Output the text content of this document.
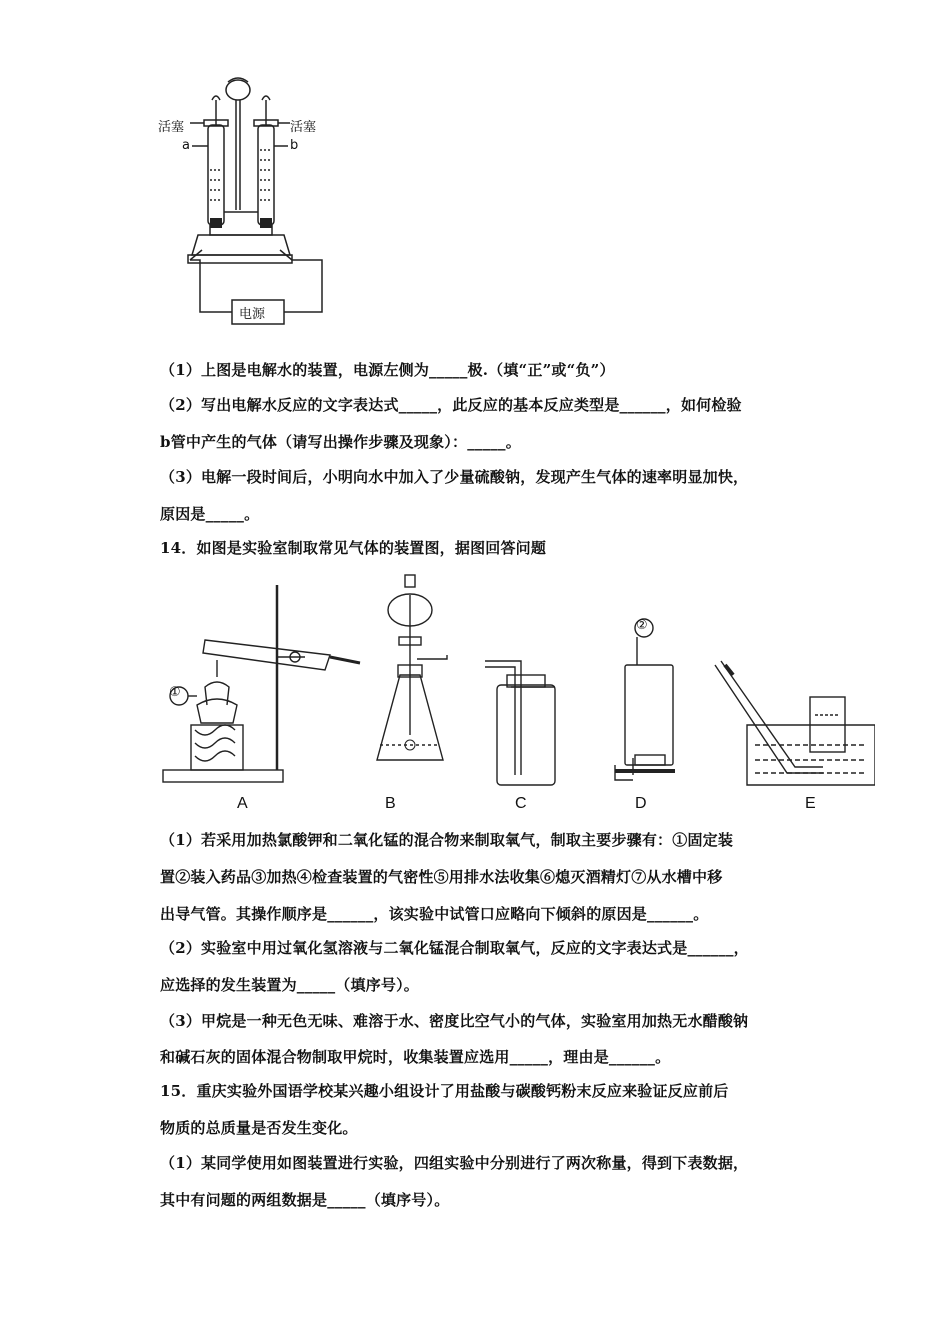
活塞	活塞
a	b
电源
（1）上图是电解水的装置，电源左侧为_____极.（填“正”或“负”）
（2）写出电解水反应的文字表达式_____，此反应的基本反应类型是______，如何检验
b管中产生的气体（请写出操作步骤及现象）：_____。
（3）电解一段时间后，小明向水中加入了少量硫酸钠，发现产生气体的速率明显加快，
原因是_____。
14．如图是实验室制取常见气体的装置图，据图回答问题
①
②
A	B	C	D	E
（1）若采用加热氯酸钾和二氧化锰的混合物来制取氧气，制取主要步骤有：①固定装
置②装入药品③加热④检查装置的气密性⑤用排水法收集⑥熄灭酒精灯⑦从水槽中移
出导气管。其操作顺序是______，该实验中试管口应略向下倾斜的原因是______。
（2）实验室中用过氧化氢溶液与二氧化锰混合制取氧气，反应的文字表达式是______，
应选择的发生装置为_____（填序号）。
（3）甲烷是一种无色无味、难溶于水、密度比空气小的气体，实验室用加热无水醋酸钠
和碱石灰的固体混合物制取甲烷时，收集装置应选用_____，理由是______。
15．重庆实验外国语学校某兴趣小组设计了用盐酸与碳酸钙粉末反应来验证反应前后
物质的总质量是否发生变化。
（1）某同学使用如图装置进行实验，四组实验中分别进行了两次称量，得到下表数据，
其中有问题的两组数据是_____（填序号）。
